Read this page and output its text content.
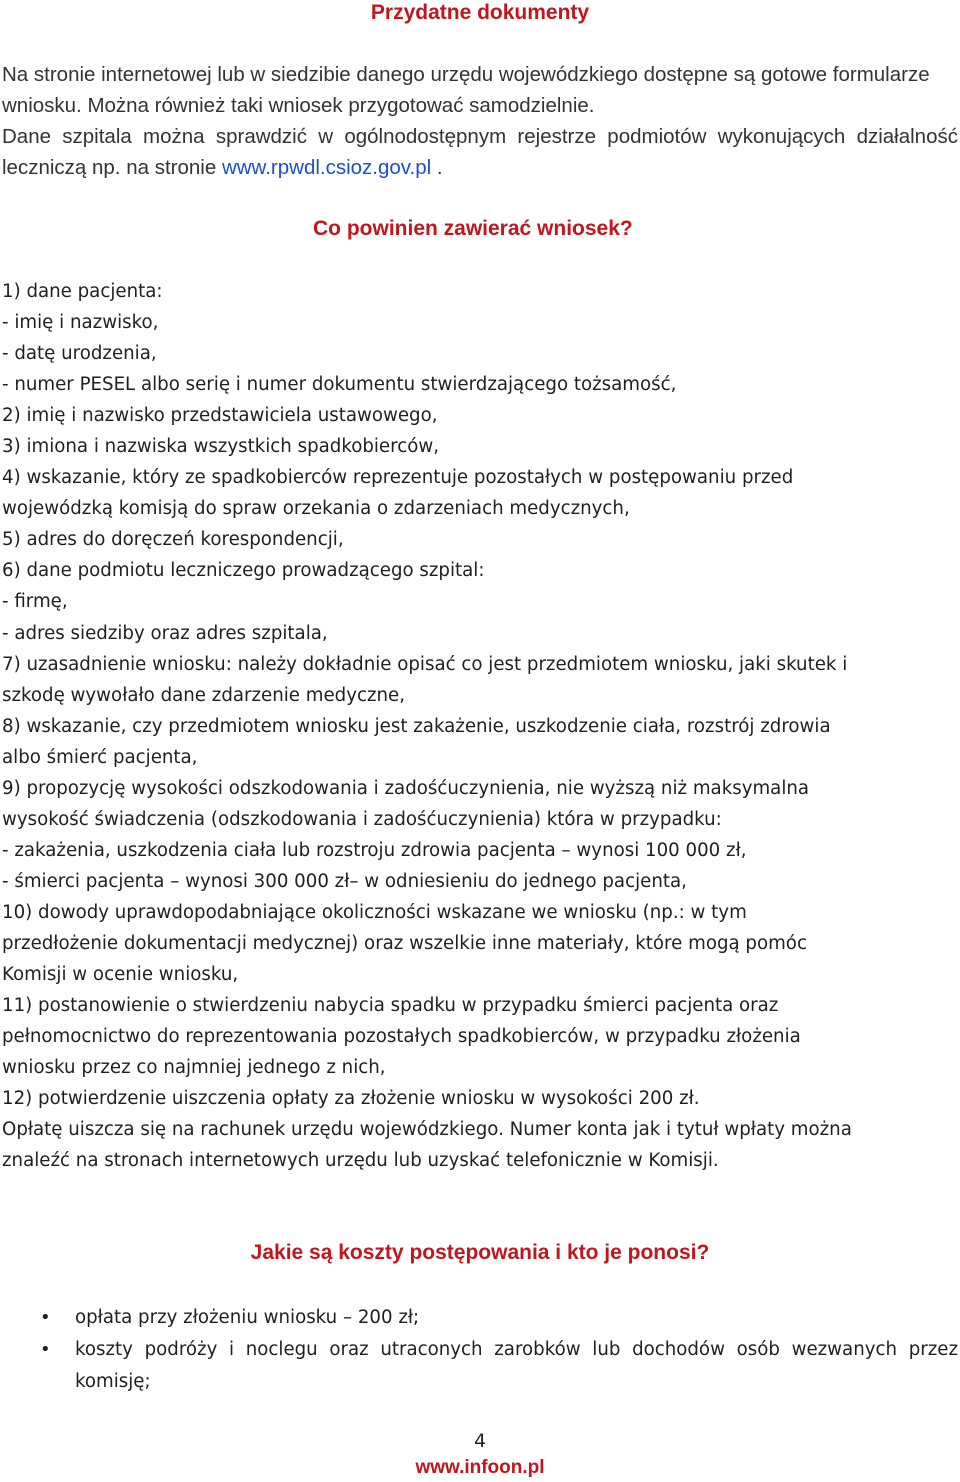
Przydatne dokumenty
Na stronie internetowej lub w siedzibie danego urzędu wojewódzkiego dostępne są gotowe formularze wniosku. Można również taki wniosek przygotować samodzielnie.
Dane szpitala można sprawdzić w ogólnodostępnym rejestrze podmiotów wykonujących działalność leczniczą np. na stronie www.rpwdl.csioz.gov.pl .
Co powinien zawierać wniosek?
1) dane pacjenta:
- imię i nazwisko,
- datę urodzenia,
- numer PESEL albo serię i numer dokumentu stwierdzającego tożsamość,
2) imię i nazwisko przedstawiciela ustawowego,
3) imiona i nazwiska wszystkich spadkobierców,
4) wskazanie, który ze spadkobierców reprezentuje pozostałych w postępowaniu przed
wojewódzką komisją do spraw orzekania o zdarzeniach medycznych,
5) adres do doręczeń korespondencji,
6) dane podmiotu leczniczego prowadzącego szpital:
- firmę,
- adres siedziby oraz adres szpitala,
7) uzasadnienie wniosku: należy dokładnie opisać co jest przedmiotem wniosku, jaki skutek i
szkodę wywołało dane zdarzenie medyczne,
8) wskazanie, czy przedmiotem wniosku jest zakażenie, uszkodzenie ciała, rozstrój zdrowia
albo śmierć pacjenta,
9) propozycję wysokości odszkodowania i zadośćuczynienia, nie wyższą niż maksymalna
wysokość świadczenia (odszkodowania i zadośćuczynienia) która w przypadku:
- zakażenia, uszkodzenia ciała lub rozstroju zdrowia pacjenta – wynosi 100 000 zł,
- śmierci pacjenta – wynosi 300 000 zł– w odniesieniu do jednego pacjenta,
10) dowody uprawdopodabniające okoliczności wskazane we wniosku (np.: w tym
przedłożenie dokumentacji medycznej) oraz wszelkie inne materiały, które mogą pomóc
Komisji w ocenie wniosku,
11) postanowienie o stwierdzeniu nabycia spadku w przypadku śmierci pacjenta oraz
pełnomocnictwo do reprezentowania pozostałych spadkobierców, w przypadku złożenia
wniosku przez co najmniej jednego z nich,
12) potwierdzenie uiszczenia opłaty za złożenie wniosku w wysokości 200 zł.
Opłatę uiszcza się na rachunek urzędu wojewódzkiego. Numer konta jak i tytuł wpłaty można
znaleźć na stronach internetowych urzędu lub uzyskać telefonicznie w Komisji.
Jakie są koszty postępowania i kto je ponosi?
• opłata przy złożeniu wniosku – 200 zł;
• koszty podróży i noclegu oraz utraconych zarobków lub dochodów osób wezwanych przez komisję;
4
www.infoon.pl
